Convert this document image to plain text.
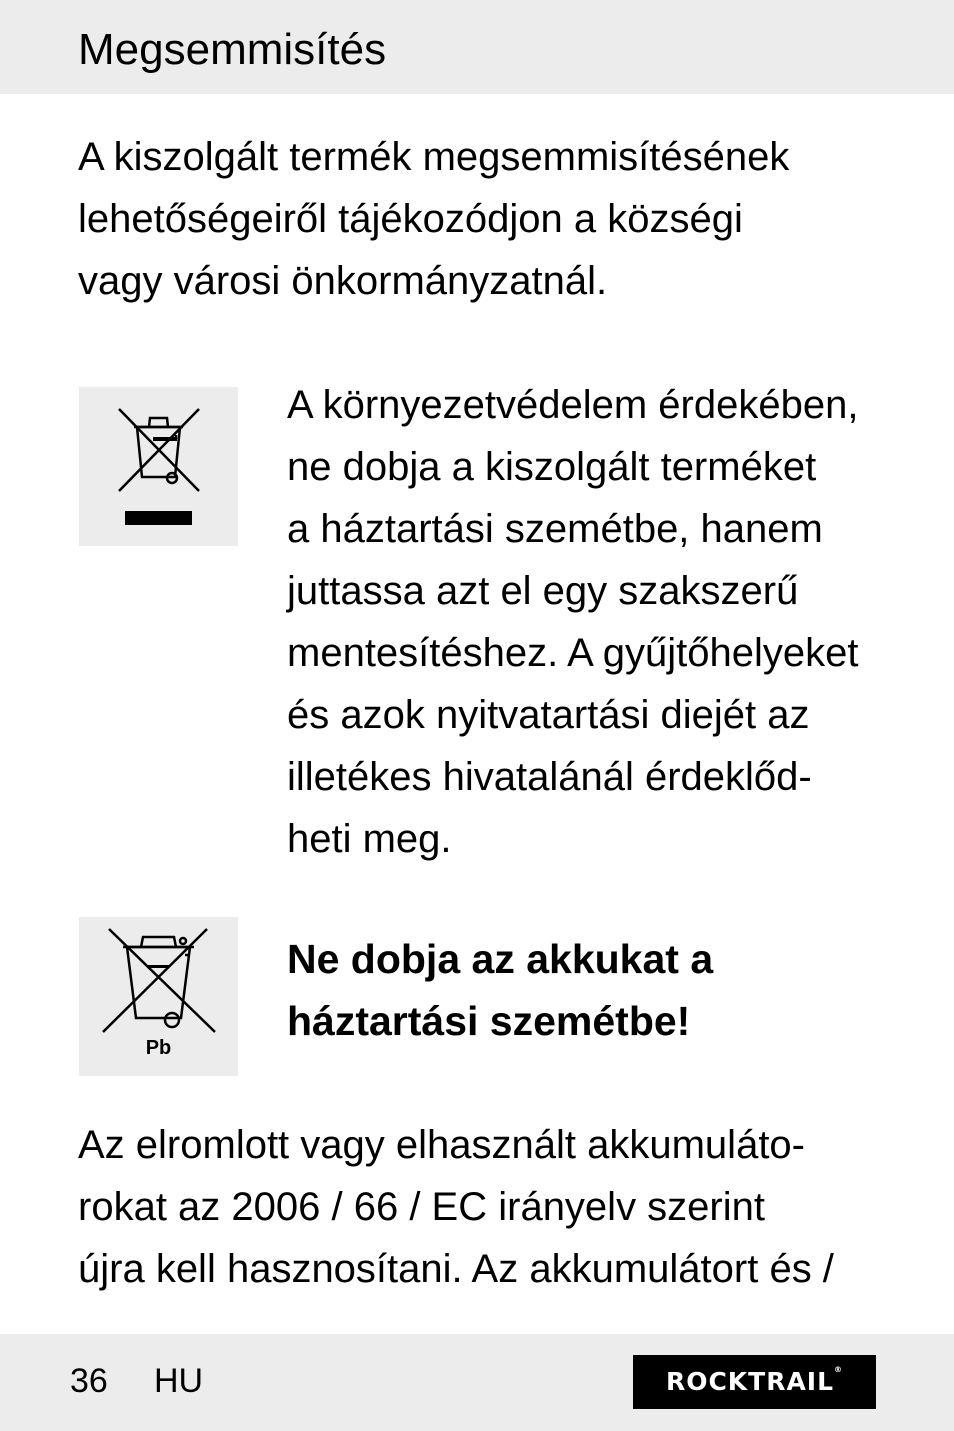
Megsemmisítés

A kiszolgált termék megsemmisítésének
lehetőségeiről tájékozódjon a községi
vagy városi önkormányzatnál.

A környezetvédelem érdekében,
ne dobja a kiszolgált terméket
a háztartási szemétbe, hanem
juttassa azt el egy szakszerű
mentesítéshez. A gyűjtőhelyeket
és azok nyitvatartási diejét az
illetékes hivatalánál érdeklőd-
heti meg.

Pb

Ne dobja az akkukat a
háztartási szemétbe!

Az elromlott vagy elhasznált akkumuláto-
rokat az 2006 / 66 / EC irányelv szerint
újra kell hasznosítani. Az akkumulátort és /

36 HU	ROCKTRAIL®
